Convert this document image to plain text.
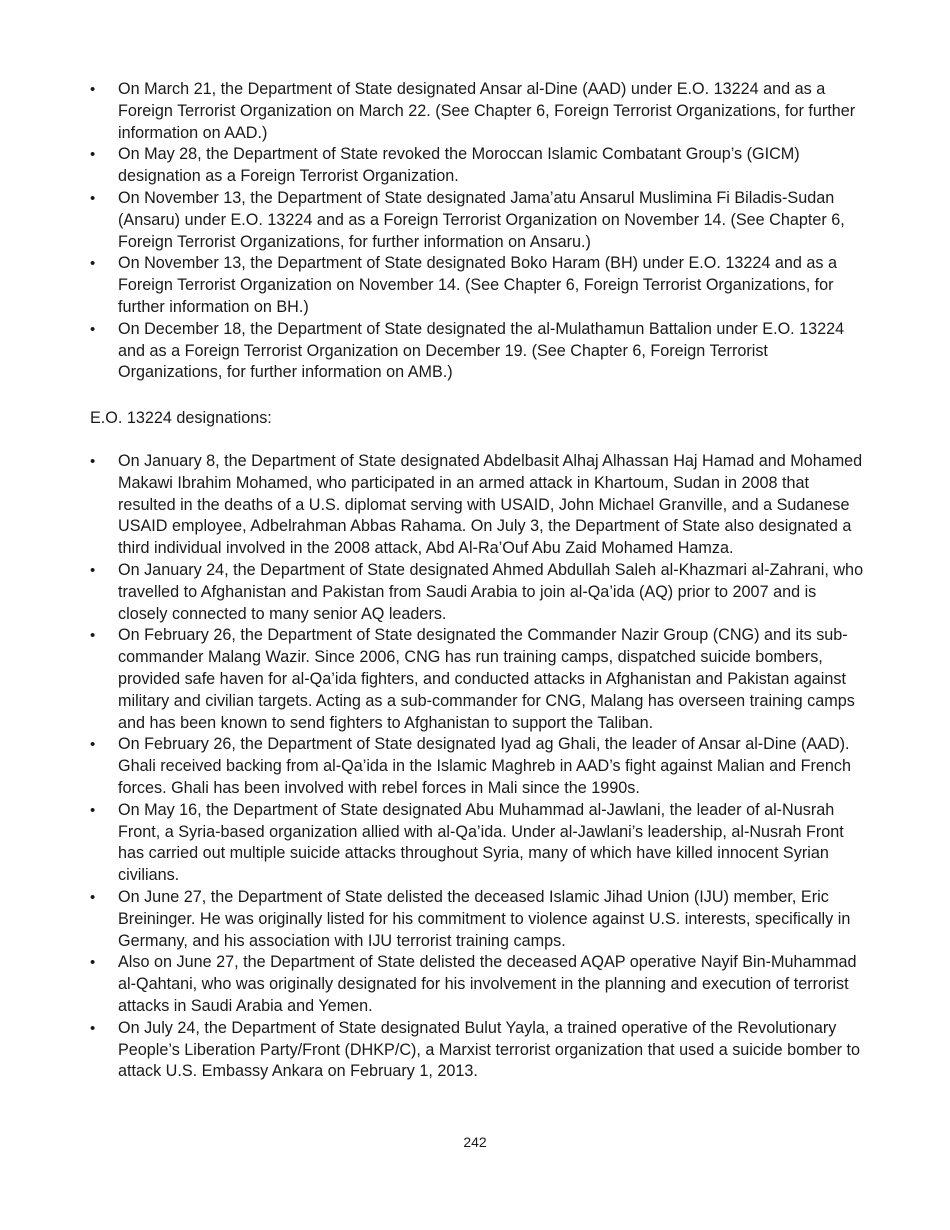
• On March 21, the Department of State designated Ansar al-Dine (AAD) under E.O. 13224 and as a Foreign Terrorist Organization on March 22. (See Chapter 6, Foreign Terrorist Organizations, for further information on AAD.)
• On May 28, the Department of State revoked the Moroccan Islamic Combatant Group’s (GICM) designation as a Foreign Terrorist Organization.
• On November 13, the Department of State designated Jama’atu Ansarul Muslimina Fi Biladis-Sudan (Ansaru) under E.O. 13224 and as a Foreign Terrorist Organization on November 14. (See Chapter 6, Foreign Terrorist Organizations, for further information on Ansaru.)
• On November 13, the Department of State designated Boko Haram (BH) under E.O. 13224 and as a Foreign Terrorist Organization on November 14. (See Chapter 6, Foreign Terrorist Organizations, for further information on BH.)
• On December 18, the Department of State designated the al-Mulathamun Battalion under E.O. 13224 and as a Foreign Terrorist Organization on December 19. (See Chapter 6, Foreign Terrorist Organizations, for further information on AMB.)
E.O. 13224 designations:
• On January 8, the Department of State designated Abdelbasit Alhaj Alhassan Haj Hamad and Mohamed Makawi Ibrahim Mohamed, who participated in an armed attack in Khartoum, Sudan in 2008 that resulted in the deaths of a U.S. diplomat serving with USAID, John Michael Granville, and a Sudanese USAID employee, Adbelrahman Abbas Rahama. On July 3, the Department of State also designated a third individual involved in the 2008 attack, Abd Al-Ra’Ouf Abu Zaid Mohamed Hamza.
• On January 24, the Department of State designated Ahmed Abdullah Saleh al-Khazmari al-Zahrani, who travelled to Afghanistan and Pakistan from Saudi Arabia to join al-Qa’ida (AQ) prior to 2007 and is closely connected to many senior AQ leaders.
• On February 26, the Department of State designated the Commander Nazir Group (CNG) and its sub-commander Malang Wazir. Since 2006, CNG has run training camps, dispatched suicide bombers, provided safe haven for al-Qa’ida fighters, and conducted attacks in Afghanistan and Pakistan against military and civilian targets. Acting as a sub-commander for CNG, Malang has overseen training camps and has been known to send fighters to Afghanistan to support the Taliban.
• On February 26, the Department of State designated Iyad ag Ghali, the leader of Ansar al-Dine (AAD). Ghali received backing from al-Qa’ida in the Islamic Maghreb in AAD’s fight against Malian and French forces. Ghali has been involved with rebel forces in Mali since the 1990s.
• On May 16, the Department of State designated Abu Muhammad al-Jawlani, the leader of al-Nusrah Front, a Syria-based organization allied with al-Qa’ida. Under al-Jawlani’s leadership, al-Nusrah Front has carried out multiple suicide attacks throughout Syria, many of which have killed innocent Syrian civilians.
• On June 27, the Department of State delisted the deceased Islamic Jihad Union (IJU) member, Eric Breininger. He was originally listed for his commitment to violence against U.S. interests, specifically in Germany, and his association with IJU terrorist training camps.
• Also on June 27, the Department of State delisted the deceased AQAP operative Nayif Bin-Muhammad al-Qahtani, who was originally designated for his involvement in the planning and execution of terrorist attacks in Saudi Arabia and Yemen.
• On July 24, the Department of State designated Bulut Yayla, a trained operative of the Revolutionary People’s Liberation Party/Front (DHKP/C), a Marxist terrorist organization that used a suicide bomber to attack U.S. Embassy Ankara on February 1, 2013.
242
